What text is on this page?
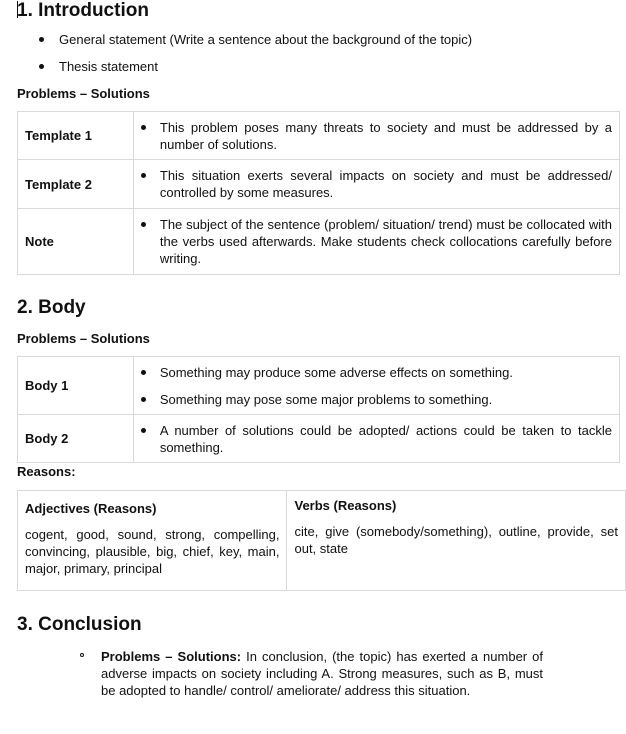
1. Introduction
General statement (Write a sentence about the background of the topic)
Thesis statement
Problems – Solutions
Template 1	This problem poses many threats to society and must be addressed by a number of solutions.

Template 2	This situation exerts several impacts on society and must be addressed/ controlled by some measures.

Note	The subject of the sentence (problem/ situation/ trend) must be collocated with the verbs used afterwards. Make students check collocations carefully before writing.
2. Body
Problems – Solutions
Body 1	Something may produce some adverse effects on something.
Something may pose some major problems to something.

Body 2	A number of solutions could be adopted/ actions could be taken to tackle something.
Reasons:
Adjectives (Reasons)
cogent, good, sound, strong, compelling, convincing, plausible, big, chief, key, main, major, primary, principal

Verbs (Reasons)
cite, give (somebody/something), outline, provide, set out, state
3. Conclusion
Problems – Solutions: In conclusion, (the topic) has exerted a number of adverse impacts on society including A. Strong measures, such as B, must be adopted to handle/ control/ ameliorate/ address this situation.
